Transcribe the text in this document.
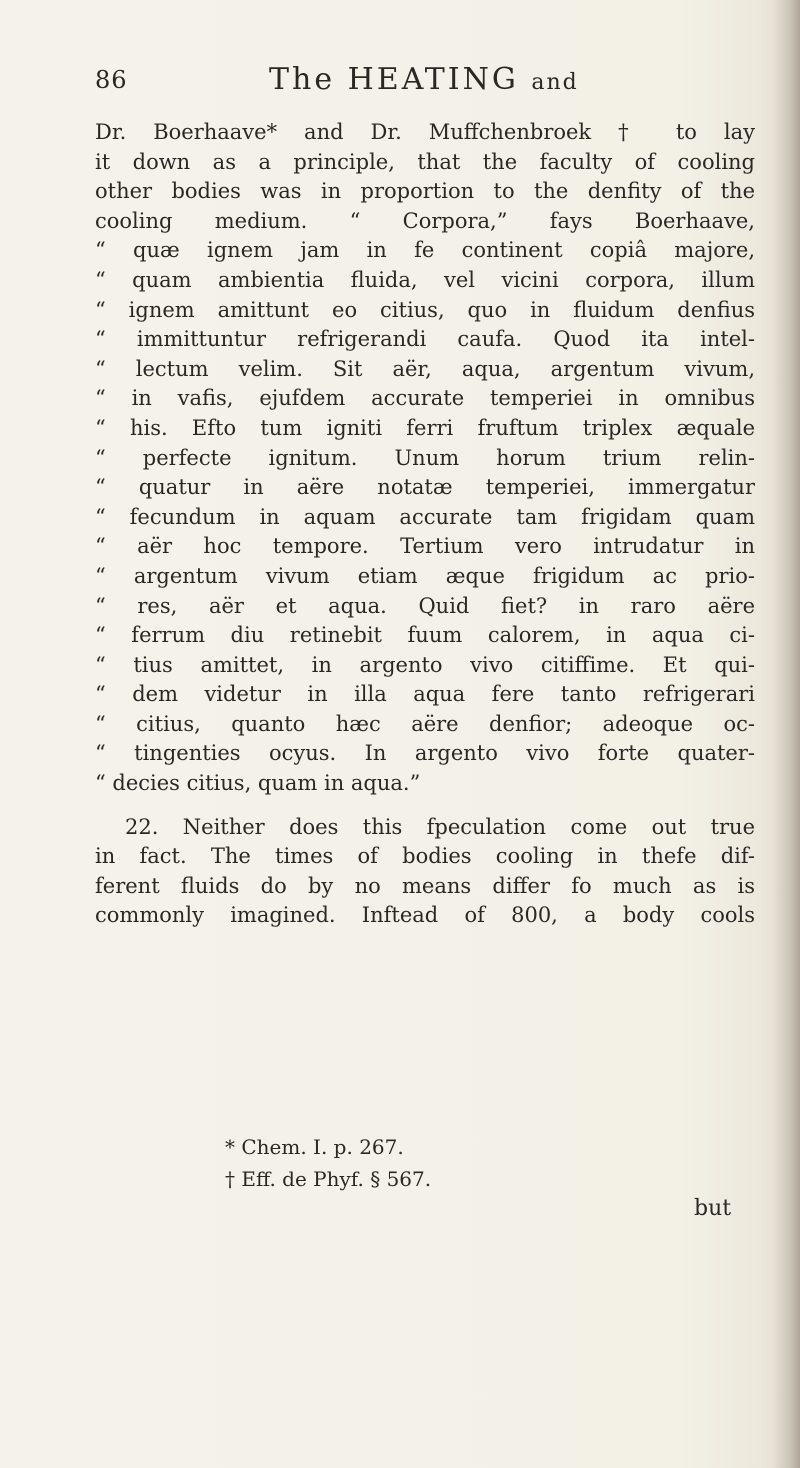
86	The HEATING and
Dr. Boerhaave* and Dr. Muffchenbroek † to lay
it down as a principle, that the faculty of cooling
other bodies was in proportion to the denfity of the
cooling medium. “ Corpora,” fays Boerhaave,
“ quæ ignem jam in fe continent copiâ majore,
“ quam ambientia fluida, vel vicini corpora, illum
“ ignem amittunt eo citius, quo in fluidum denfius
“ immittuntur refrigerandi caufa. Quod ita intel-
“ lectum velim. Sit aër, aqua, argentum vivum,
“ in vafis, ejufdem accurate temperiei in omnibus
“ his. Efto tum igniti ferri fruftum triplex æquale
“ perfecte ignitum. Unum horum trium relin-
“ quatur in aëre notatæ temperiei, immergatur
“ fecundum in aquam accurate tam frigidam quam
“ aër hoc tempore. Tertium vero intrudatur in
“ argentum vivum etiam æque frigidum ac prio-
“ res, aër et aqua. Quid fiet? in raro aëre
“ ferrum diu retinebit fuum calorem, in aqua ci-
“ tius amittet, in argento vivo citiffime. Et qui-
“ dem videtur in illa aqua fere tanto refrigerari
“ citius, quanto hæc aëre denfior; adeoque oc-
“ tingenties ocyus. In argento vivo forte quater-
“ decies citius, quam in aqua.”
22. Neither does this fpeculation come out true
in fact. The times of bodies cooling in thefe dif-
ferent fluids do by no means differ fo much as is
commonly imagined. Inftead of 800, a body cools
* Chem. I. p. 267.
† Eff. de Phyf. § 567.
but
